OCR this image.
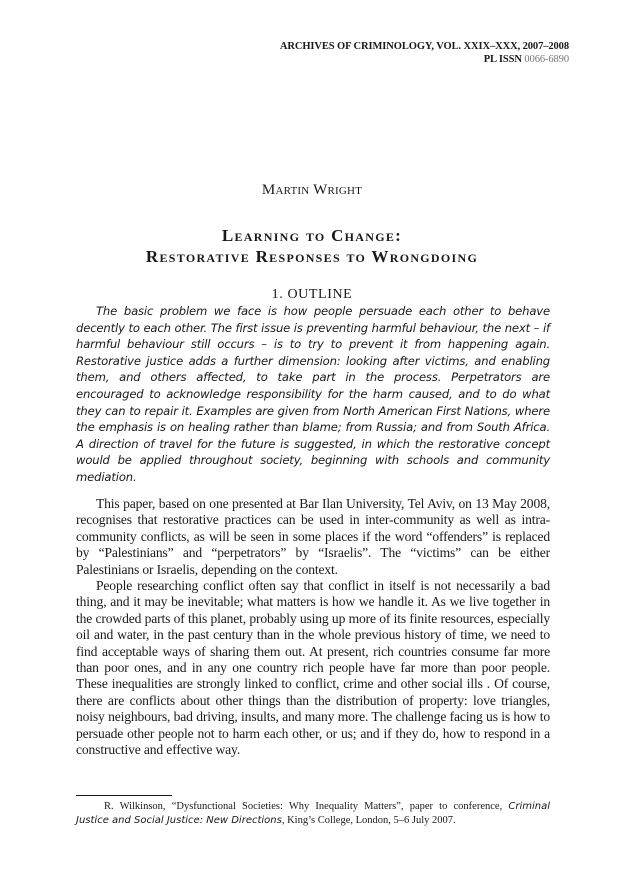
ARCHIVES OF CRIMINOLOGY, VOL. XXIX–XXX, 2007–2008
PL ISSN 0066-6890
Martin Wright
Learning to Change:
Restorative Responses to Wrongdoing
1. OUTLINE

The basic problem we face is how people persuade each other to behave decently to each other. The first issue is preventing harmful behaviour, the next – if harmful behaviour still occurs – is to try to prevent it from happening again. Restorative justice adds a further dimension: looking after victims, and enabling them, and others affected, to take part in the process. Perpetrators are encouraged to acknowledge responsibility for the harm caused, and to do what they can to repair it. Examples are given from North American First Nations, where the emphasis is on healing rather than blame; from Russia; and from South Africa. A direction of travel for the future is suggested, in which the restorative concept would be applied throughout society, beginning with schools and community mediation.

This paper, based on one presented at Bar Ilan University, Tel Aviv, on 13 May 2008, recognises that restorative practices can be used in inter-community as well as intra-community conflicts, as will be seen in some places if the word “offenders” is replaced by “Palestinians” and “perpetrators” by “Israelis”. The “victims” can be either Palestinians or Israelis, depending on the context.

People researching conflict often say that conflict in itself is not necessarily a bad thing, and it may be inevitable; what matters is how we handle it. As we live together in the crowded parts of this planet, probably using up more of its finite resources, especially oil and water, in the past century than in the whole previous history of time, we need to find acceptable ways of sharing them out. At present, rich countries consume far more than poor ones, and in any one country rich people have far more than poor people. These inequalities are strongly linked to conflict, crime and other social ills . Of course, there are conflicts about other things than the distribution of property: love triangles, noisy neighbours, bad driving, insults, and many more. The challenge facing us is how to persuade other people not to harm each other, or us; and if they do, how to respond in a constructive and effective way.

R. Wilkinson, “Dysfunctional Societies: Why Inequality Matters”, paper to conference, Criminal Justice and Social Justice: New Directions, King’s College, London, 5–6 July 2007.
